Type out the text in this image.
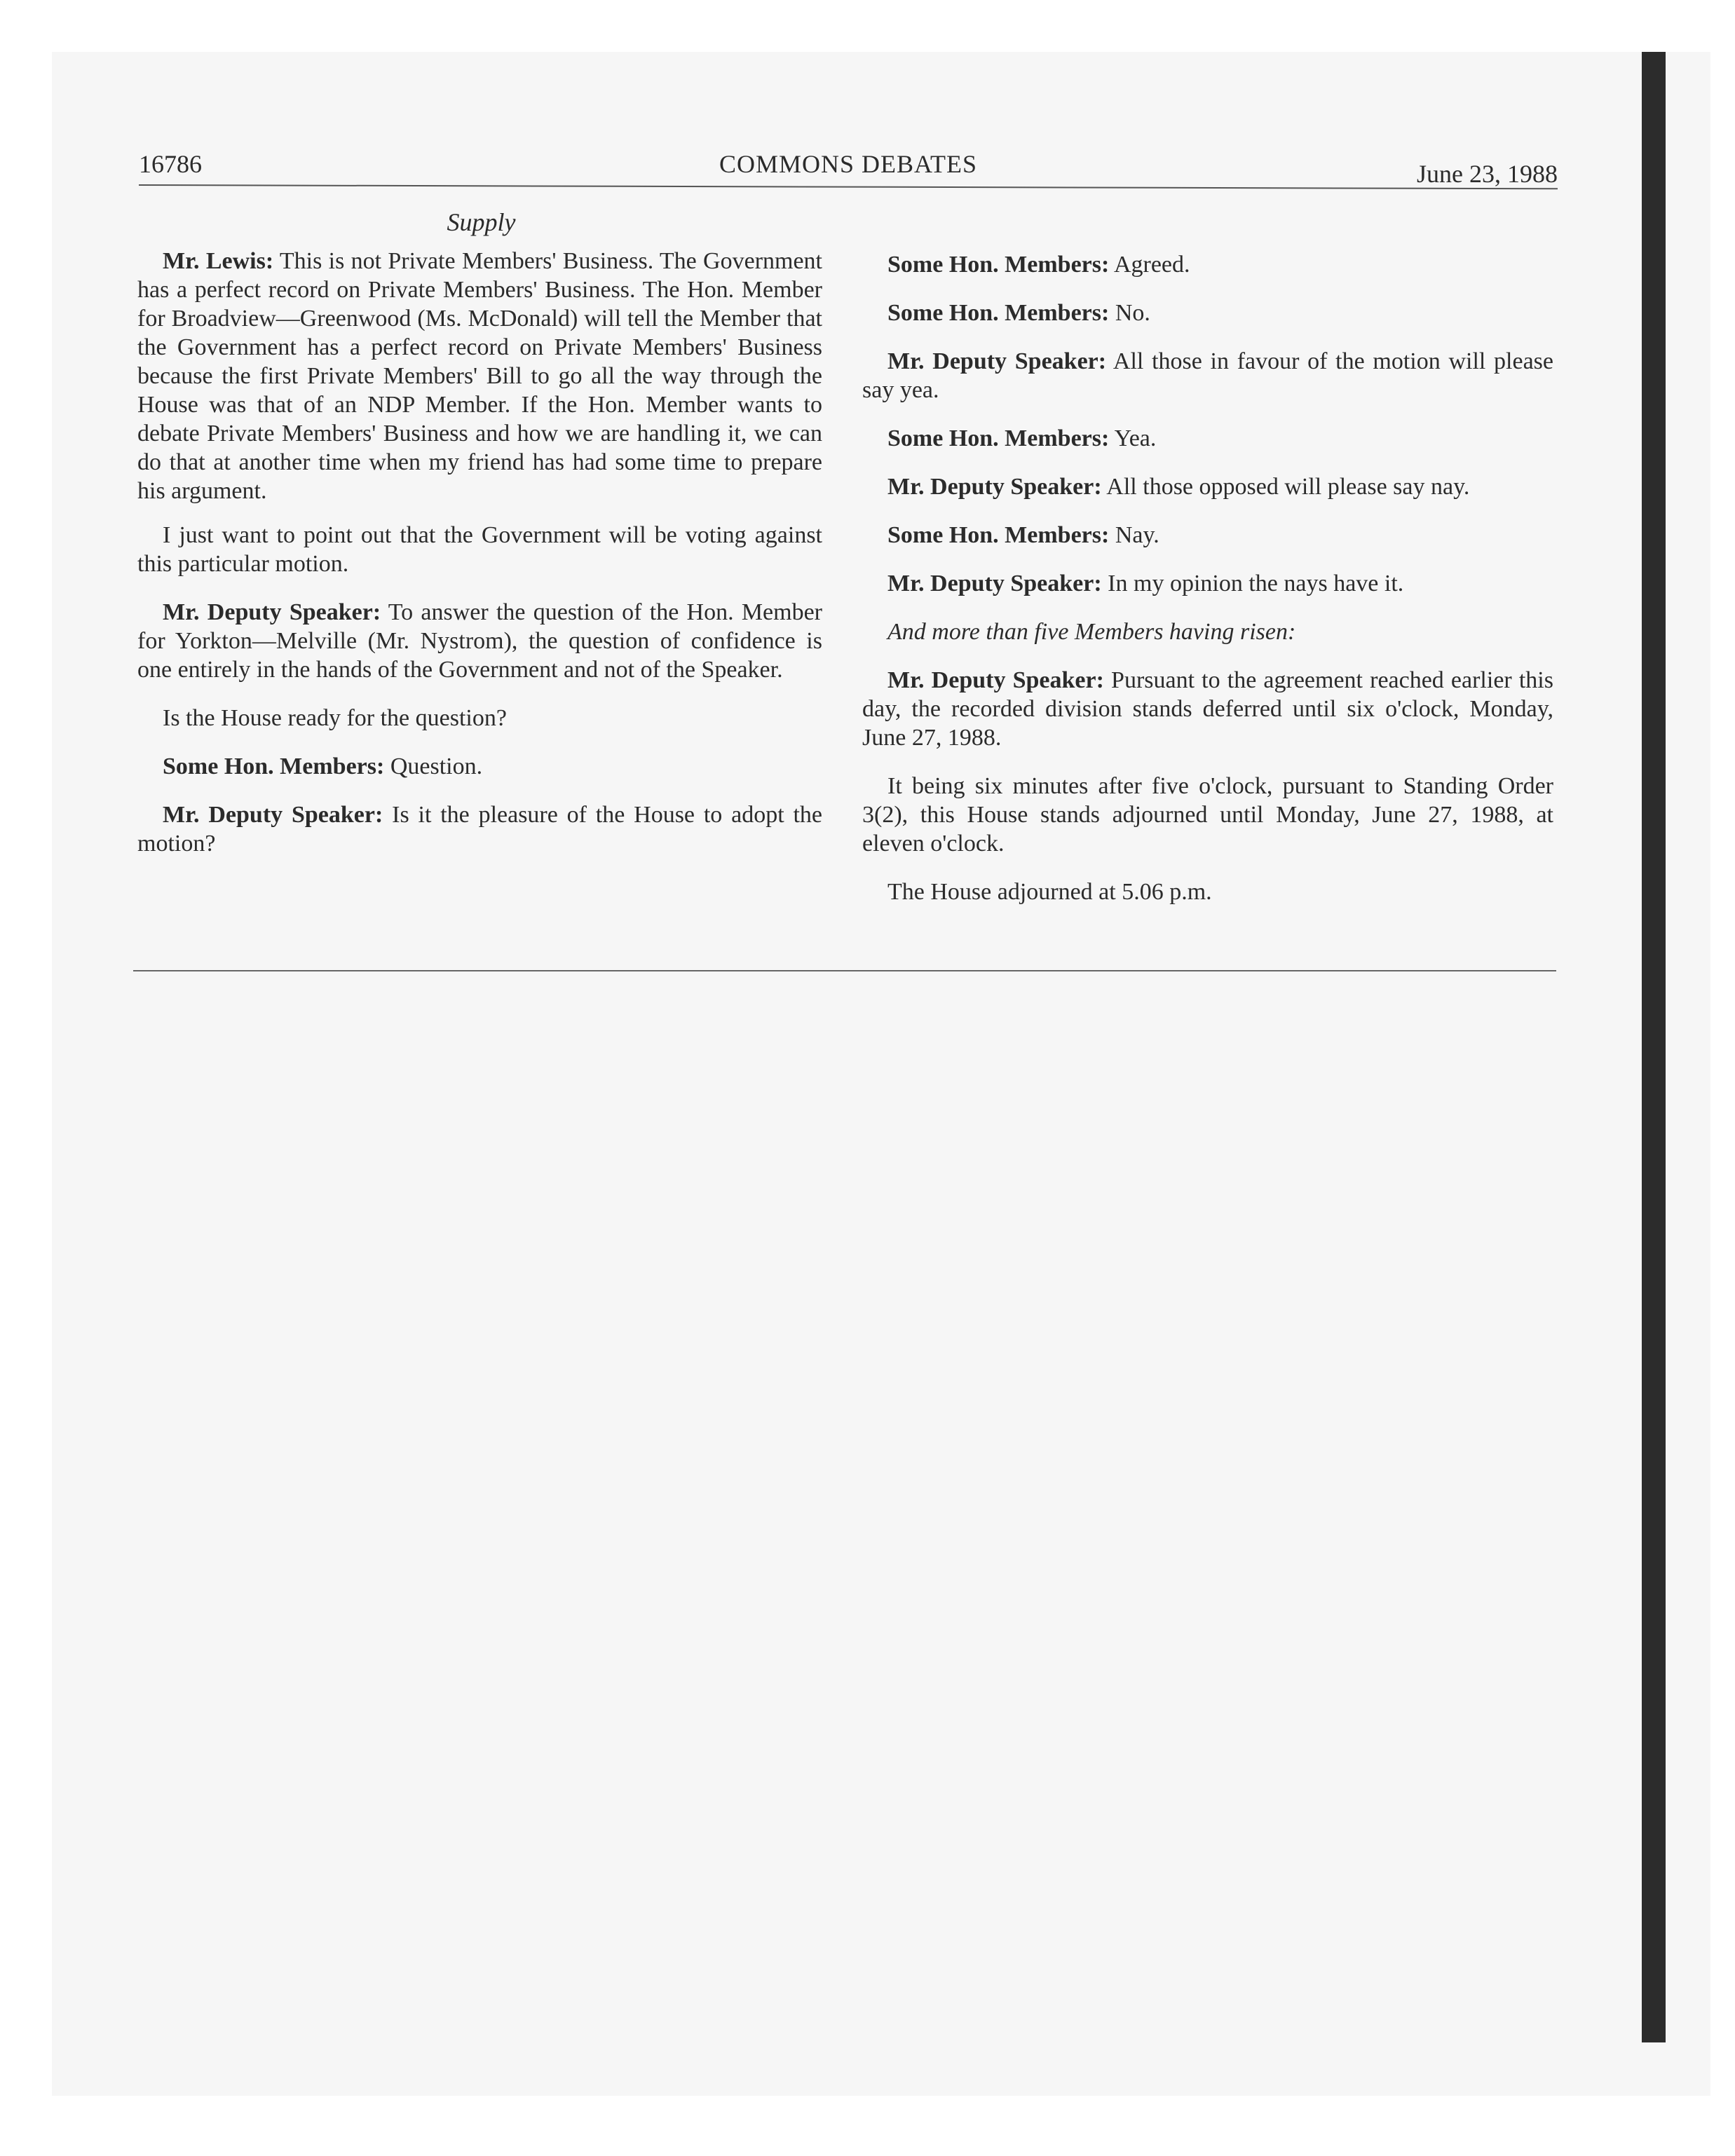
16786	COMMONS DEBATES	June 23, 1988
Supply

Mr. Lewis: This is not Private Members' Business. The Government has a perfect record on Private Members' Business. The Hon. Member for Broadview—Greenwood (Ms. McDonald) will tell the Member that the Government has a perfect record on Private Members' Business because the first Private Members' Bill to go all the way through the House was that of an NDP Member. If the Hon. Member wants to debate Private Members' Business and how we are handling it, we can do that at another time when my friend has had some time to prepare his argument.

I just want to point out that the Government will be voting against this particular motion.

Mr. Deputy Speaker: To answer the question of the Hon. Member for Yorkton—Melville (Mr. Nystrom), the question of confidence is one entirely in the hands of the Government and not of the Speaker.

Is the House ready for the question?

Some Hon. Members: Question.

Mr. Deputy Speaker: Is it the pleasure of the House to adopt the motion?

Some Hon. Members: Agreed.

Some Hon. Members: No.

Mr. Deputy Speaker: All those in favour of the motion will please say yea.

Some Hon. Members: Yea.

Mr. Deputy Speaker: All those opposed will please say nay.

Some Hon. Members: Nay.

Mr. Deputy Speaker: In my opinion the nays have it.

And more than five Members having risen:

Mr. Deputy Speaker: Pursuant to the agreement reached earlier this day, the recorded division stands deferred until six o'clock, Monday, June 27, 1988.

It being six minutes after five o'clock, pursuant to Standing Order 3(2), this House stands adjourned until Monday, June 27, 1988, at eleven o'clock.

The House adjourned at 5.06 p.m.
